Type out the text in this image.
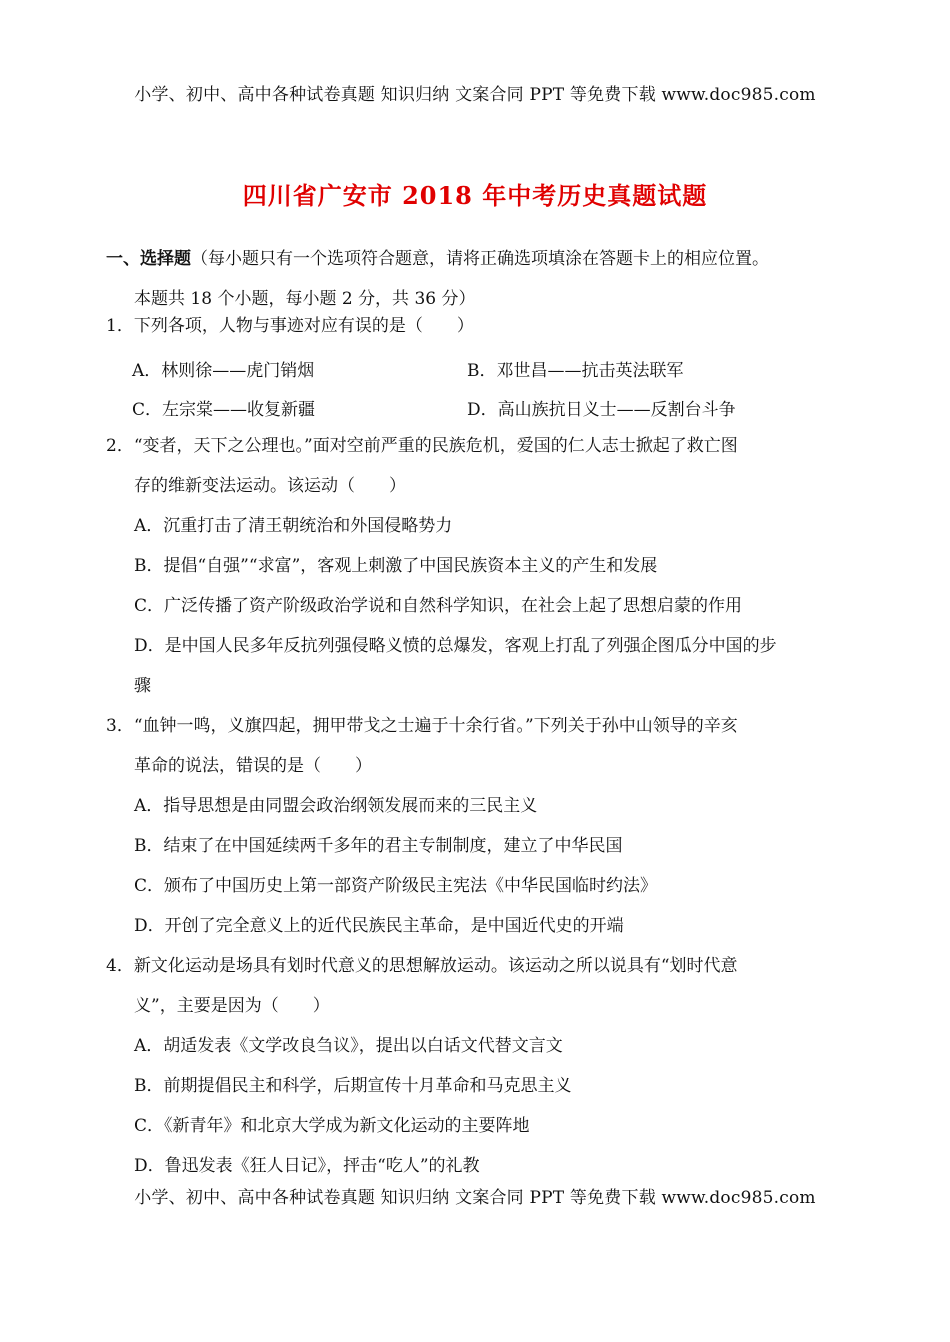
小学、初中、高中各种试卷真题 知识归纳 文案合同 PPT 等免费下载 www.doc985.com
四川省广安市 2018 年中考历史真题试题
一、选择题（每小题只有一个选项符合题意，请将正确选项填涂在答题卡上的相应位置。
本题共 18 个小题，每小题 2 分，共 36 分）
1．下列各项，人物与事迹对应有误的是（　　）
A．林则徐——虎门销烟	B．邓世昌——抗击英法联军
C．左宗棠——收复新疆	D．高山族抗日义士——反割台斗争
2．“变者，天下之公理也。”面对空前严重的民族危机，爱国的仁人志士掀起了救亡图
存的维新变法运动。该运动（　　）
A．沉重打击了清王朝统治和外国侵略势力
B．提倡“自强”“求富”，客观上刺激了中国民族资本主义的产生和发展
C．广泛传播了资产阶级政治学说和自然科学知识，在社会上起了思想启蒙的作用
D．是中国人民多年反抗列强侵略义愤的总爆发，客观上打乱了列强企图瓜分中国的步
骤
3．“血钟一鸣，义旗四起，拥甲带戈之士遍于十余行省。”下列关于孙中山领导的辛亥
革命的说法，错误的是（　　）
A．指导思想是由同盟会政治纲领发展而来的三民主义
B．结束了在中国延续两千多年的君主专制制度，建立了中华民国
C．颁布了中国历史上第一部资产阶级民主宪法《中华民国临时约法》
D．开创了完全意义上的近代民族民主革命，是中国近代史的开端
4．新文化运动是场具有划时代意义的思想解放运动。该运动之所以说具有“划时代意
义”，主要是因为（　　）
A．胡适发表《文学改良刍议》，提出以白话文代替文言文
B．前期提倡民主和科学，后期宣传十月革命和马克思主义
C．《新青年》和北京大学成为新文化运动的主要阵地
D．鲁迅发表《狂人日记》，抨击“吃人”的礼教
小学、初中、高中各种试卷真题 知识归纳 文案合同 PPT 等免费下载 www.doc985.com
